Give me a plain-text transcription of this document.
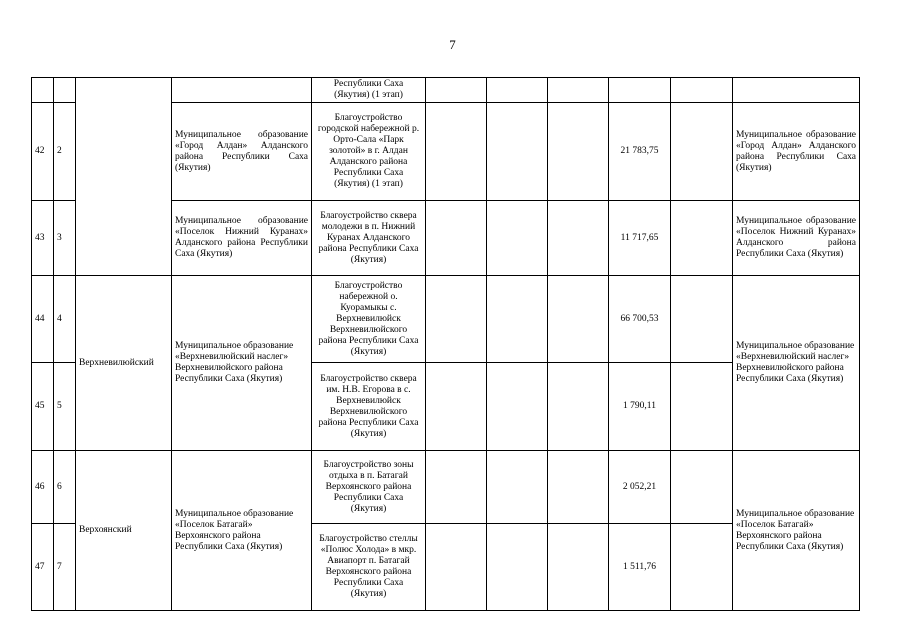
7
				Республики Саха (Якутия) (1 этап)						
42	2		Муниципальное образование «Город Алдан» Алданского района Республики Саха (Якутия)	Благоустройство городской набережной р. Орто-Сала «Парк золотой» в г. Алдан Алданского района Республики Саха (Якутия) (1 этап)				21 783,75		Муниципальное образование «Город Алдан» Алданского района Республики Саха (Якутия)
43	3		Муниципальное образование «Поселок Нижний Куранах» Алданского района Республики Саха (Якутия)	Благоустройство сквера молодежи в п. Нижний Куранах Алданского района Республики Саха (Якутия)				11 717,65		Муниципальное образование «Поселок Нижний Куранах» Алданского района Республики Саха (Якутия)
44	4	Верхневилюйский	Муниципальное образование «Верхневилюйский наслег» Верхневилюйского района Республики Саха (Якутия)	Благоустройство набережной о. Куорамыкы с. Верхневилюйск Верхневилюйского района Республики Саха (Якутия)				66 700,53		Муниципальное образование «Верхневилюйский наслег» Верхневилюйского района Республики Саха (Якутия)
45	5			Благоустройство сквера им. Н.В. Егорова в с. Верхневилюйск Верхневилюйского района Республики Саха (Якутия)				1 790,11		
46	6	Верхоянский	Муниципальное образование «Поселок Батагай» Верхоянского района Республики Саха (Якутия)	Благоустройство зоны отдыха в п. Батагай Верхоянского района Республики Саха (Якутия)				2 052,21		Муниципальное образование «Поселок Батагай» Верхоянского района Республики Саха (Якутия)
47	7			Благоустройство стеллы «Полюс Холода» в мкр. Авиапорт п. Батагай Верхоянского района Республики Саха (Якутия)				1 511,76		
